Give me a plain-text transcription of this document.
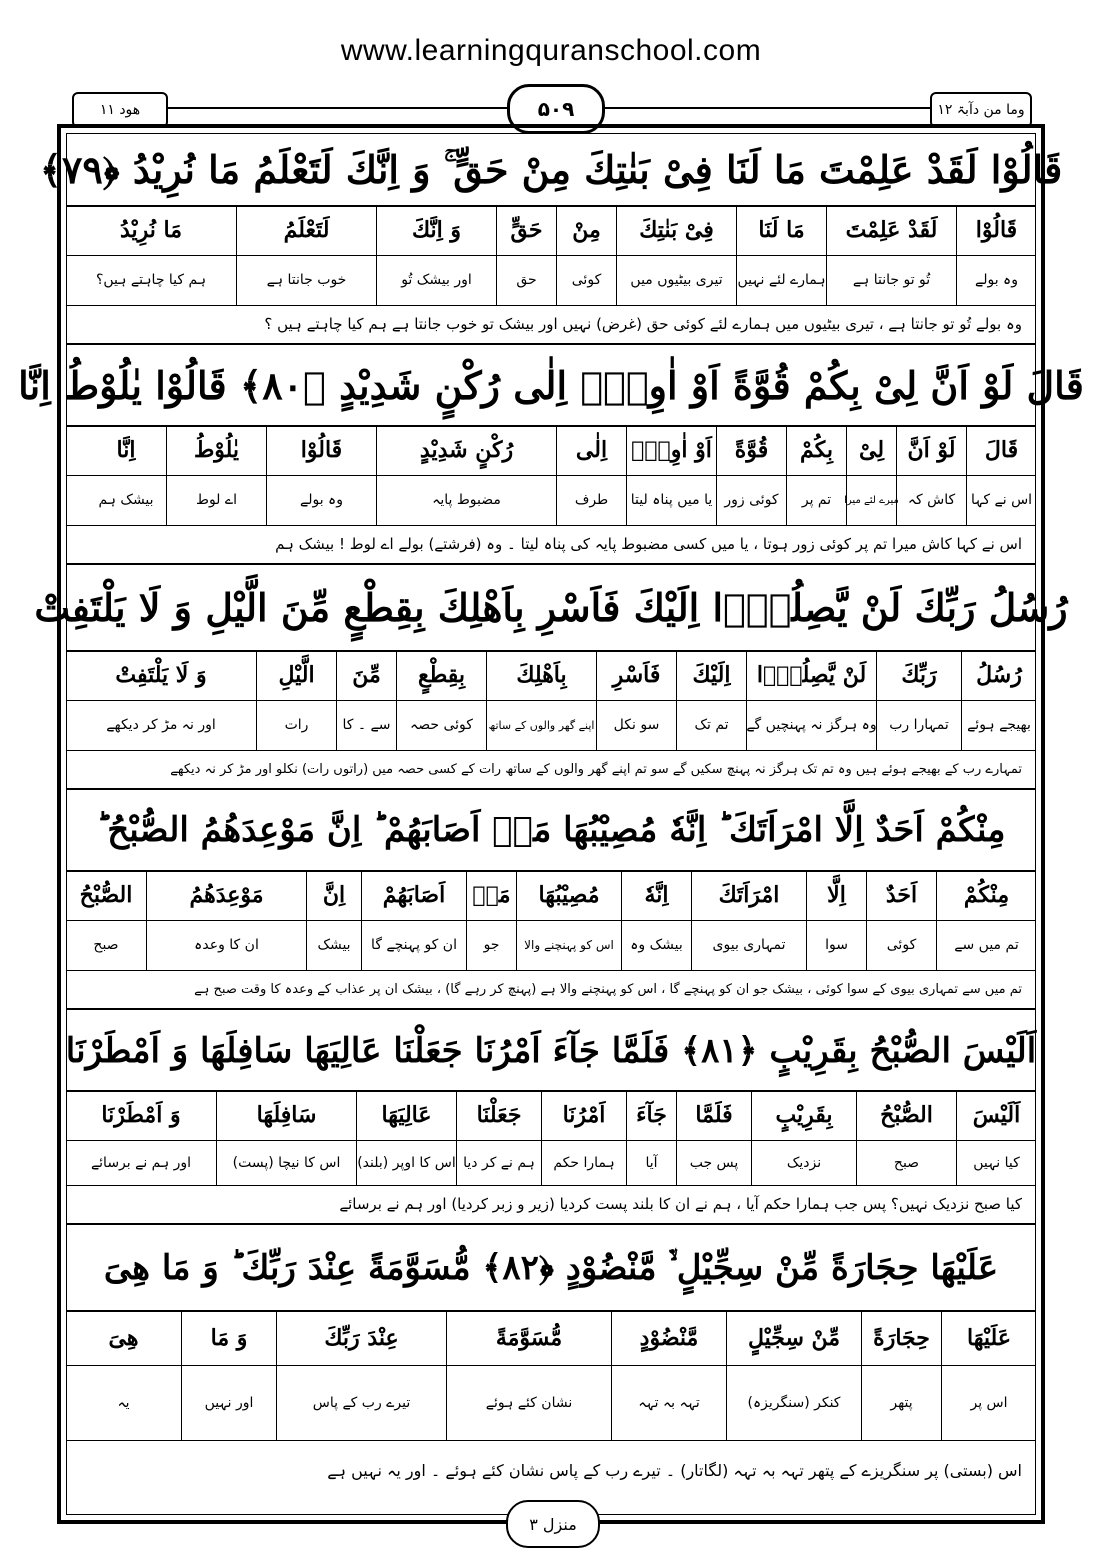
www.learningquranschool.com
هود ۱۱	۵۰۹	وما من دآبۃ ۱۲
قَالُوْا لَقَدْ عَلِمْتَ مَا لَنَا فِیْ بَنٰتِكَ مِنْ حَقٍّ ۚ وَ اِنَّكَ لَتَعْلَمُ مَا نُرِیْدُ ﴿۷۹﴾
قَالُوْا
لَقَدْ عَلِمْتَ
مَا لَنَا
فِیْ بَنٰتِكَ
مِنْ
حَقٍّ
وَ اِنَّكَ
لَتَعْلَمُ
مَا نُرِیْدُ
وہ بولے
تُو تو جانتا ہے
ہمارے لئے نہیں
تیری بیٹیوں میں
کوئی
حق
اور بیشک تُو
خوب جانتا ہے
ہم کیا چاہتے ہیں؟
وہ بولے تُو تو جانتا ہے ، تیری بیٹیوں میں ہمارے لئے کوئی حق (غرض) نہیں اور بیشک تو خوب جانتا ہے ہم کیا چاہتے ہیں ؟
قَالَ لَوْ اَنَّ لِیْ بِكُمْ قُوَّةً اَوْ اٰوِیْۤ اِلٰی رُكْنٍ شَدِیْدٍ ﴿۸۰﴾ قَالُوْا یٰلُوْطُ اِنَّا
قَالَ
لَوْ اَنَّ
لِیْ
بِكُمْ
قُوَّةً
اَوْ اٰوِیْۤ
اِلٰی
رُكْنٍ شَدِیْدٍ
قَالُوْا
یٰلُوْطُ
اِنَّا
اس نے کہا
کاش کہ
میرے لئے میرا
تم پر
کوئی زور
یا میں پناہ لیتا
طرف
مضبوط پایہ
وہ بولے
اے لوط
بیشک ہم
اس نے کہا کاش میرا تم پر کوئی زور ہوتا ، یا میں کسی مضبوط پایہ کی پناہ لیتا ۔ وہ (فرشتے) بولے اے لوط ! بیشک ہم
رُسُلُ رَبِّكَ لَنْ یَّصِلُوْۤا اِلَیْكَ فَاَسْرِ بِاَهْلِكَ بِقِطْعٍ مِّنَ الَّیْلِ وَ لَا یَلْتَفِتْ
رُسُلُ
رَبِّكَ
لَنْ یَّصِلُوْۤا
اِلَیْكَ
فَاَسْرِ
بِاَهْلِكَ
بِقِطْعٍ
مِّنَ
الَّیْلِ
وَ لَا یَلْتَفِتْ
بھیجے ہوئے
تمہارا رب
وہ ہرگز نہ پہنچیں گے
تم تک
سو نکل
اپنے گھر والوں کے ساتھ
کوئی حصہ
سے ۔ کا
رات
اور نہ مڑ کر دیکھے
تمہارے رب کے بھیجے ہوئے ہیں وہ تم تک ہرگز نہ پہنچ سکیں گے سو تم اپنے گھر والوں کے ساتھ رات کے کسی حصہ میں (راتوں رات) نکلو اور مڑ کر نہ دیکھے
مِنْكُمْ اَحَدٌ اِلَّا امْرَاَتَكَ ؕ اِنَّهٗ مُصِیْبُهَا مَاۤ اَصَابَهُمْ ؕ اِنَّ مَوْعِدَهُمُ الصُّبْحُ ؕ
مِنْكُمْ
اَحَدٌ
اِلَّا
امْرَاَتَكَ
اِنَّهٗ
مُصِیْبُهَا
مَاۤ
اَصَابَهُمْ
اِنَّ
مَوْعِدَهُمُ
الصُّبْحُ
تم میں سے
کوئی
سوا
تمہاری بیوی
بیشک وہ
اس کو پہنچنے والا
جو
ان کو پہنچے گا
بیشک
ان کا وعدہ
صبح
تم میں سے تمہاری بیوی کے سوا کوئی ، بیشک جو ان کو پہنچے گا ، اس کو پہنچنے والا ہے (پہنچ کر رہے گا) ، بیشک ان پر عذاب کے وعدہ کا وقت صبح ہے
اَلَیْسَ الصُّبْحُ بِقَرِیْبٍ ﴿۸۱﴾ فَلَمَّا جَآءَ اَمْرُنَا جَعَلْنَا عَالِیَهَا سَافِلَهَا وَ اَمْطَرْنَا
اَلَیْسَ
الصُّبْحُ
بِقَرِیْبٍ
فَلَمَّا
جَآءَ
اَمْرُنَا
جَعَلْنَا
عَالِیَهَا
سَافِلَهَا
وَ اَمْطَرْنَا
کیا نہیں
صبح
نزدیک
پس جب
آیا
ہمارا حکم
ہم نے کر دیا
اس کا اوپر (بلند)
اس کا نیچا (پست)
اور ہم نے برسائے
کیا صبح نزدیک نہیں؟ پس جب ہمارا حکم آیا ، ہم نے ان کا بلند پست کردیا (زیر و زبر کردیا) اور ہم نے برسائے
عَلَیْهَا حِجَارَةً مِّنْ سِجِّیْلٍ ۙ۬ مَّنْضُوْدٍ ﴿۸۲﴾ مُّسَوَّمَةً عِنْدَ رَبِّكَ ؕ وَ مَا هِیَ
عَلَیْهَا
حِجَارَةً
مِّنْ سِجِّیْلٍ
مَّنْضُوْدٍ
مُّسَوَّمَةً
عِنْدَ رَبِّكَ
وَ مَا
هِیَ
اس پر
پتھر
کنکر (سنگریزہ)
تہہ بہ تہہ
نشان کئے ہوئے
تیرے رب کے پاس
اور نہیں
یہ
اس (بستی) پر سنگریزے کے پتھر تہہ بہ تہہ (لگاتار) ۔ تیرے رب کے پاس نشان کئے ہوئے ۔ اور یہ نہیں ہے
منزل ۳
